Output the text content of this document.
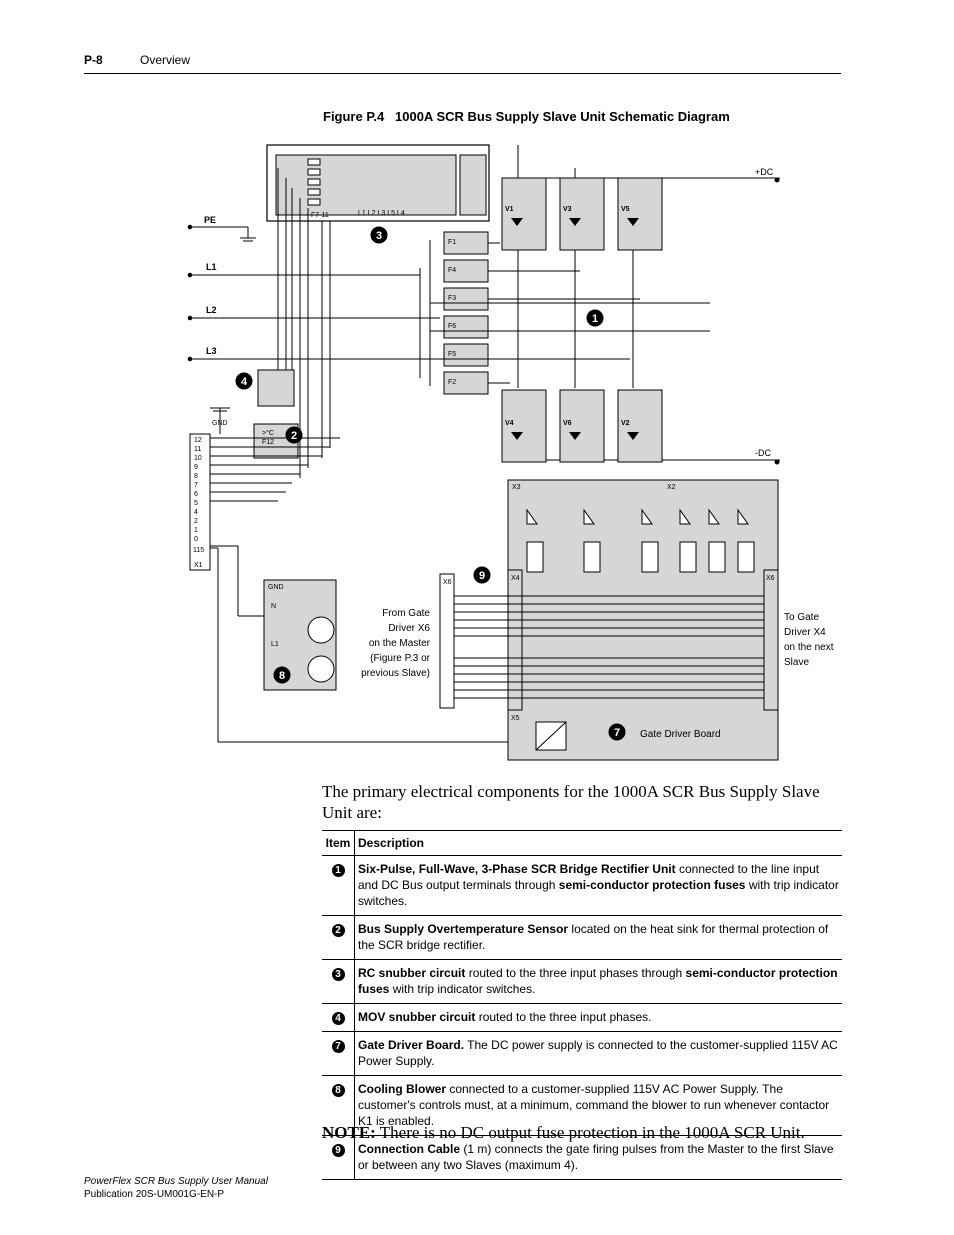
P-8	Overview
Figure P.4   1000A SCR Bus Supply Slave Unit Schematic Diagram
F7-11	L1 L2 L3 L5 L4
PE
L1
L2
L3
F1
F4
F3
F6
F5
F2
+DC
-DC
V1	V3	V5
V4	V6	V2
>°C
F12
GND
12
11
10
9
8
7
6
5
4
2
1
0
115
X1
GND
N
L1
X3	X2
X4	X6
X5
X6
From Gate
Driver X6
on the Master
(Figure P.3 or
previous Slave)
To Gate
Driver X4
on the next
Slave
Gate Driver Board
3
1
4
2
9
8
7
The primary electrical components for the 1000A SCR Bus Supply Slave Unit are:
Item	Description
1	Six-Pulse, Full-Wave, 3-Phase SCR Bridge Rectifier Unit connected to the line input and DC Bus output terminals through semi-conductor protection fuses with trip indicator switches.
2	Bus Supply Overtemperature Sensor located on the heat sink for thermal protection of the SCR bridge rectifier.
3	RC snubber circuit routed to the three input phases through semi-conductor protection fuses with trip indicator switches.
4	MOV snubber circuit routed to the three input phases.
7	Gate Driver Board. The DC power supply is connected to the customer-supplied 115V AC Power Supply.
8	Cooling Blower connected to a customer-supplied 115V AC Power Supply. The customer's controls must, at a minimum, command the blower to run whenever contactor K1 is enabled.
9	Connection Cable (1 m) connects the gate firing pulses from the Master to the first Slave or between any two Slaves (maximum 4).
NOTE: There is no DC output fuse protection in the 1000A SCR Unit.
PowerFlex SCR Bus Supply User Manual
Publication 20S-UM001G-EN-P
